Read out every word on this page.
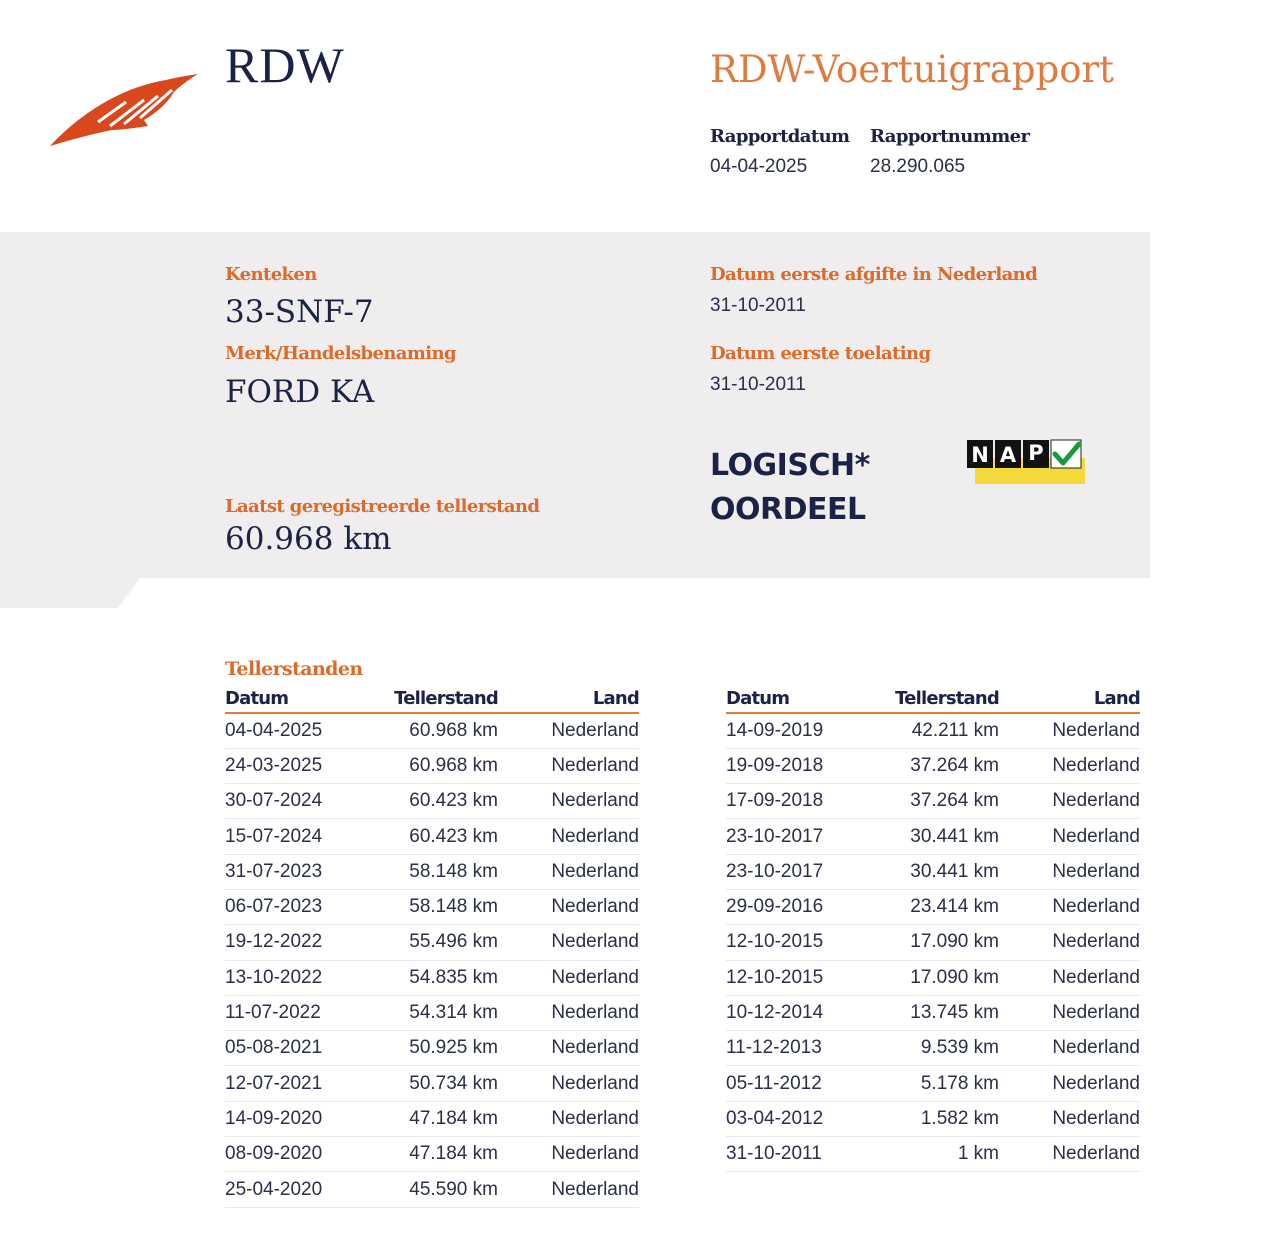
RDW	RDW-Voertuigrapport
Rapportdatum
04-04-2025
Rapportnummer
28.290.065
Kenteken
33-SNF-7
Merk/Handelsbenaming
FORD KA
Laatst geregistreerde tellerstand
60.968 km
Datum eerste afgifte in Nederland
31-10-2011
Datum eerste toelating
31-10-2011
LOGISCH*
OORDEEL
N A P
Tellerstanden
Datum	Tellerstand	Land
04-04-2025	60.968 km	Nederland
24-03-2025	60.968 km	Nederland
30-07-2024	60.423 km	Nederland
15-07-2024	60.423 km	Nederland
31-07-2023	58.148 km	Nederland
06-07-2023	58.148 km	Nederland
19-12-2022	55.496 km	Nederland
13-10-2022	54.835 km	Nederland
11-07-2022	54.314 km	Nederland
05-08-2021	50.925 km	Nederland
12-07-2021	50.734 km	Nederland
14-09-2020	47.184 km	Nederland
08-09-2020	47.184 km	Nederland
25-04-2020	45.590 km	Nederland
Datum	Tellerstand	Land
14-09-2019	42.211 km	Nederland
19-09-2018	37.264 km	Nederland
17-09-2018	37.264 km	Nederland
23-10-2017	30.441 km	Nederland
23-10-2017	30.441 km	Nederland
29-09-2016	23.414 km	Nederland
12-10-2015	17.090 km	Nederland
12-10-2015	17.090 km	Nederland
10-12-2014	13.745 km	Nederland
11-12-2013	9.539 km	Nederland
05-11-2012	5.178 km	Nederland
03-04-2012	1.582 km	Nederland
31-10-2011	1 km	Nederland
